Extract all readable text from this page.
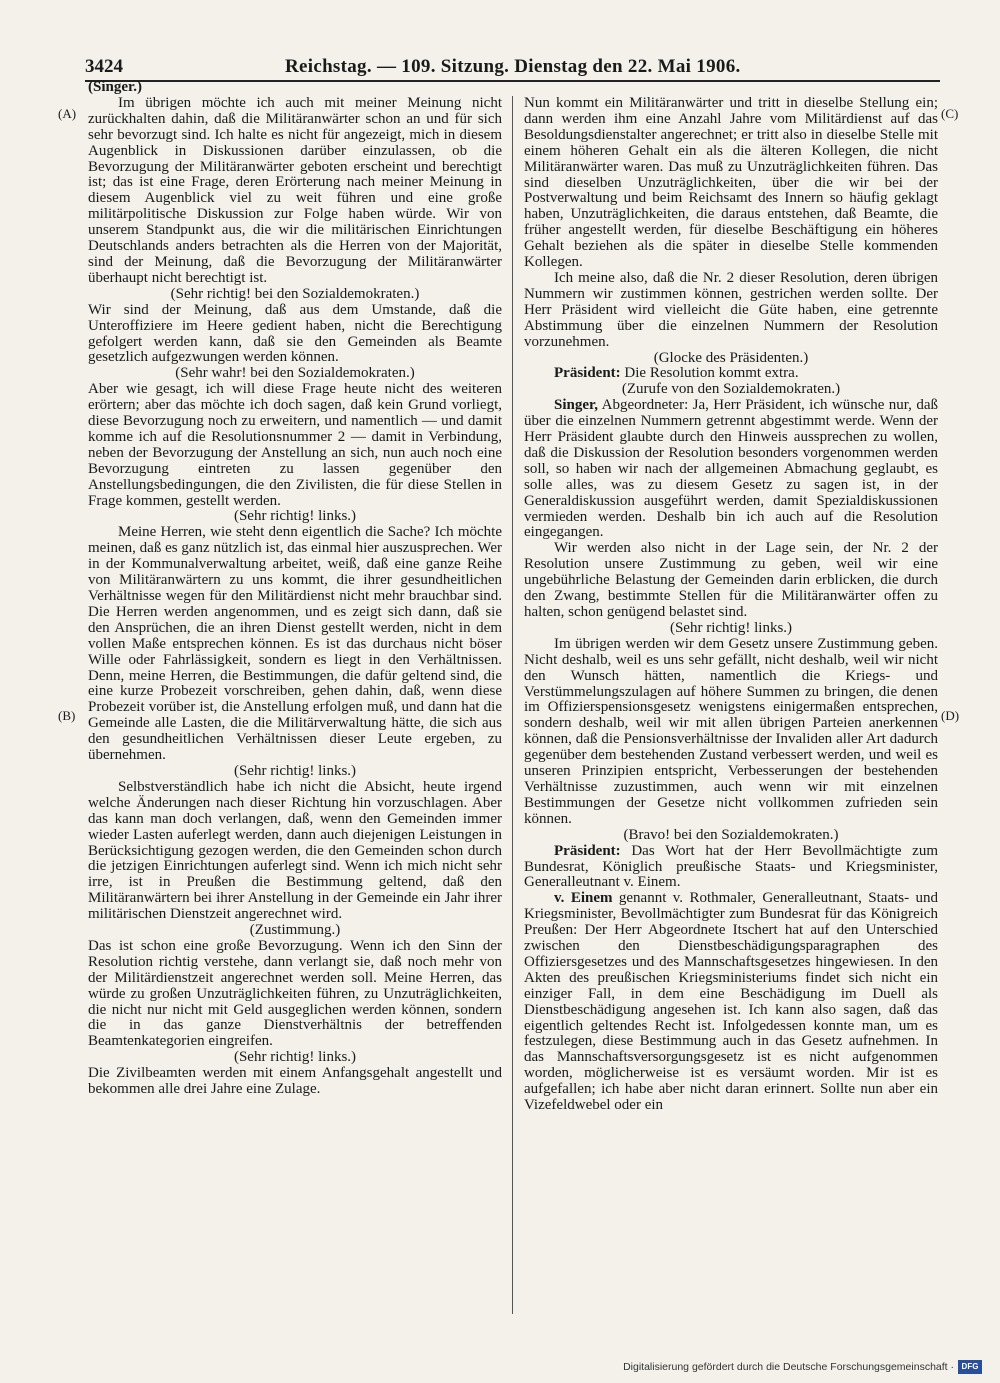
3424	Reichstag. — 109. Sitzung. Dienstag den 22. Mai 1906.
(A)
(B)
(C)
(D)

(Singer.)

Im übrigen möchte ich auch mit meiner Meinung nicht zurückhalten dahin, daß die Militäranwärter schon an und für sich sehr bevorzugt sind. Ich halte es nicht für angezeigt, mich in diesem Augenblick in Diskussionen darüber einzulassen, ob die Bevorzugung der Militäranwärter geboten erscheint und berechtigt ist; das ist eine Frage, deren Erörterung nach meiner Meinung in diesem Augenblick viel zu weit führen und eine große militärpolitische Diskussion zur Folge haben würde. Wir von unserem Standpunkt aus, die wir die militärischen Einrichtungen Deutschlands anders betrachten als die Herren von der Majorität, sind der Meinung, daß die Bevorzugung der Militäranwärter überhaupt nicht berechtigt ist.

(Sehr richtig! bei den Sozialdemokraten.)

Wir sind der Meinung, daß aus dem Umstande, daß die Unteroffiziere im Heere gedient haben, nicht die Berechtigung gefolgert werden kann, daß sie den Gemeinden als Beamte gesetzlich aufgezwungen werden können.

(Sehr wahr! bei den Sozialdemokraten.)

Aber wie gesagt, ich will diese Frage heute nicht des weiteren erörtern; aber das möchte ich doch sagen, daß kein Grund vorliegt, diese Bevorzugung noch zu erweitern, und namentlich — und damit komme ich auf die Resolutionsnummer 2 — damit in Verbindung, neben der Bevorzugung der Anstellung an sich, nun auch noch eine Bevorzugung eintreten zu lassen gegenüber den Anstellungsbedingungen, die den Zivilisten, die für diese Stellen in Frage kommen, gestellt werden.

(Sehr richtig! links.)

Meine Herren, wie steht denn eigentlich die Sache? Ich möchte meinen, daß es ganz nützlich ist, das einmal hier auszusprechen. Wer in der Kommunalverwaltung arbeitet, weiß, daß eine ganze Reihe von Militäranwärtern zu uns kommt, die ihrer gesundheitlichen Verhältnisse wegen für den Militärdienst nicht mehr brauchbar sind. Die Herren werden angenommen, und es zeigt sich dann, daß sie den Ansprüchen, die an ihren Dienst gestellt werden, nicht in dem vollen Maße entsprechen können. Es ist das durchaus nicht böser Wille oder Fahrlässigkeit, sondern es liegt in den Verhältnissen. Denn, meine Herren, die Bestimmungen, die dafür geltend sind, die eine kurze Probezeit vorschreiben, gehen dahin, daß, wenn diese Probezeit vorüber ist, die Anstellung erfolgen muß, und dann hat die Gemeinde alle Lasten, die die Militärverwaltung hätte, die sich aus den gesundheitlichen Verhältnissen dieser Leute ergeben, zu übernehmen.

(Sehr richtig! links.)

Selbstverständlich habe ich nicht die Absicht, heute irgend welche Änderungen nach dieser Richtung hin vorzuschlagen. Aber das kann man doch verlangen, daß, wenn den Gemeinden immer wieder Lasten auferlegt werden, dann auch diejenigen Leistungen in Berücksichtigung gezogen werden, die den Gemeinden schon durch die jetzigen Einrichtungen auferlegt sind. Wenn ich mich nicht sehr irre, ist in Preußen die Bestimmung geltend, daß den Militäranwärtern bei ihrer Anstellung in der Gemeinde ein Jahr ihrer militärischen Dienstzeit angerechnet wird.

(Zustimmung.)

Das ist schon eine große Bevorzugung. Wenn ich den Sinn der Resolution richtig verstehe, dann verlangt sie, daß noch mehr von der Militärdienstzeit angerechnet werden soll. Meine Herren, das würde zu großen Unzuträglichkeiten führen, zu Unzuträglichkeiten, die nicht nur nicht mit Geld ausgeglichen werden können, sondern die in das ganze Dienstverhältnis der betreffenden Beamtenkategorien eingreifen.

(Sehr richtig! links.)

Die Zivilbeamten werden mit einem Anfangsgehalt angestellt und bekommen alle drei Jahre eine Zulage.

Nun kommt ein Militäranwärter und tritt in dieselbe Stellung ein; dann werden ihm eine Anzahl Jahre vom Militärdienst auf das Besoldungsdienstalter angerechnet; er tritt also in dieselbe Stelle mit einem höheren Gehalt ein als die älteren Kollegen, die nicht Militäranwärter waren. Das muß zu Unzuträglichkeiten führen. Das sind dieselben Unzuträglichkeiten, über die wir bei der Postverwaltung und beim Reichsamt des Innern so häufig geklagt haben, Unzuträglichkeiten, die daraus entstehen, daß Beamte, die früher angestellt werden, für dieselbe Beschäftigung ein höheres Gehalt beziehen als die später in dieselbe Stelle kommenden Kollegen.

Ich meine also, daß die Nr. 2 dieser Resolution, deren übrigen Nummern wir zustimmen können, gestrichen werden sollte. Der Herr Präsident wird vielleicht die Güte haben, eine getrennte Abstimmung über die einzelnen Nummern der Resolution vorzunehmen.

(Glocke des Präsidenten.)

Präsident: Die Resolution kommt extra.

(Zurufe von den Sozialdemokraten.)

Singer, Abgeordneter: Ja, Herr Präsident, ich wünsche nur, daß über die einzelnen Nummern getrennt abgestimmt werde. Wenn der Herr Präsident glaubte durch den Hinweis aussprechen zu wollen, daß die Diskussion der Resolution besonders vorgenommen werden soll, so haben wir nach der allgemeinen Abmachung geglaubt, es solle alles, was zu diesem Gesetz zu sagen ist, in der Generaldiskussion ausgeführt werden, damit Spezialdiskussionen vermieden werden. Deshalb bin ich auch auf die Resolution eingegangen.

Wir werden also nicht in der Lage sein, der Nr. 2 der Resolution unsere Zustimmung zu geben, weil wir eine ungebührliche Belastung der Gemeinden darin erblicken, die durch den Zwang, bestimmte Stellen für die Militäranwärter offen zu halten, schon genügend belastet sind.

(Sehr richtig! links.)

Im übrigen werden wir dem Gesetz unsere Zustimmung geben. Nicht deshalb, weil es uns sehr gefällt, nicht deshalb, weil wir nicht den Wunsch hätten, namentlich die Kriegs- und Verstümmelungszulagen auf höhere Summen zu bringen, die denen im Offizierspensionsgesetz wenigstens einigermaßen entsprechen, sondern deshalb, weil wir mit allen übrigen Parteien anerkennen können, daß die Pensionsverhältnisse der Invaliden aller Art dadurch gegenüber dem bestehenden Zustand verbessert werden, und weil es unseren Prinzipien entspricht, Verbesserungen der bestehenden Verhältnisse zuzustimmen, auch wenn wir mit einzelnen Bestimmungen der Gesetze nicht vollkommen zufrieden sein können.

(Bravo! bei den Sozialdemokraten.)

Präsident: Das Wort hat der Herr Bevollmächtigte zum Bundesrat, Königlich preußische Staats- und Kriegsminister, Generalleutnant v. Einem.

v. Einem genannt v. Rothmaler, Generalleutnant, Staats- und Kriegsminister, Bevollmächtigter zum Bundesrat für das Königreich Preußen: Der Herr Abgeordnete Itschert hat auf den Unterschied zwischen den Dienstbeschädigungsparagraphen des Offiziersgesetzes und des Mannschaftsgesetzes hingewiesen. In den Akten des preußischen Kriegsministeriums findet sich nicht ein einziger Fall, in dem eine Beschädigung im Duell als Dienstbeschädigung angesehen ist. Ich kann also sagen, daß das eigentlich geltendes Recht ist. Infolgedessen konnte man, um es festzulegen, diese Bestimmung auch in das Gesetz aufnehmen. In das Mannschaftsversorgungsgesetz ist es nicht aufgenommen worden, möglicherweise ist es versäumt worden. Mir ist es aufgefallen; ich habe aber nicht daran erinnert. Sollte nun aber ein Vizefeldwebel oder ein

Digitalisierung gefördert durch die Deutsche Forschungsgemeinschaft · DFG
